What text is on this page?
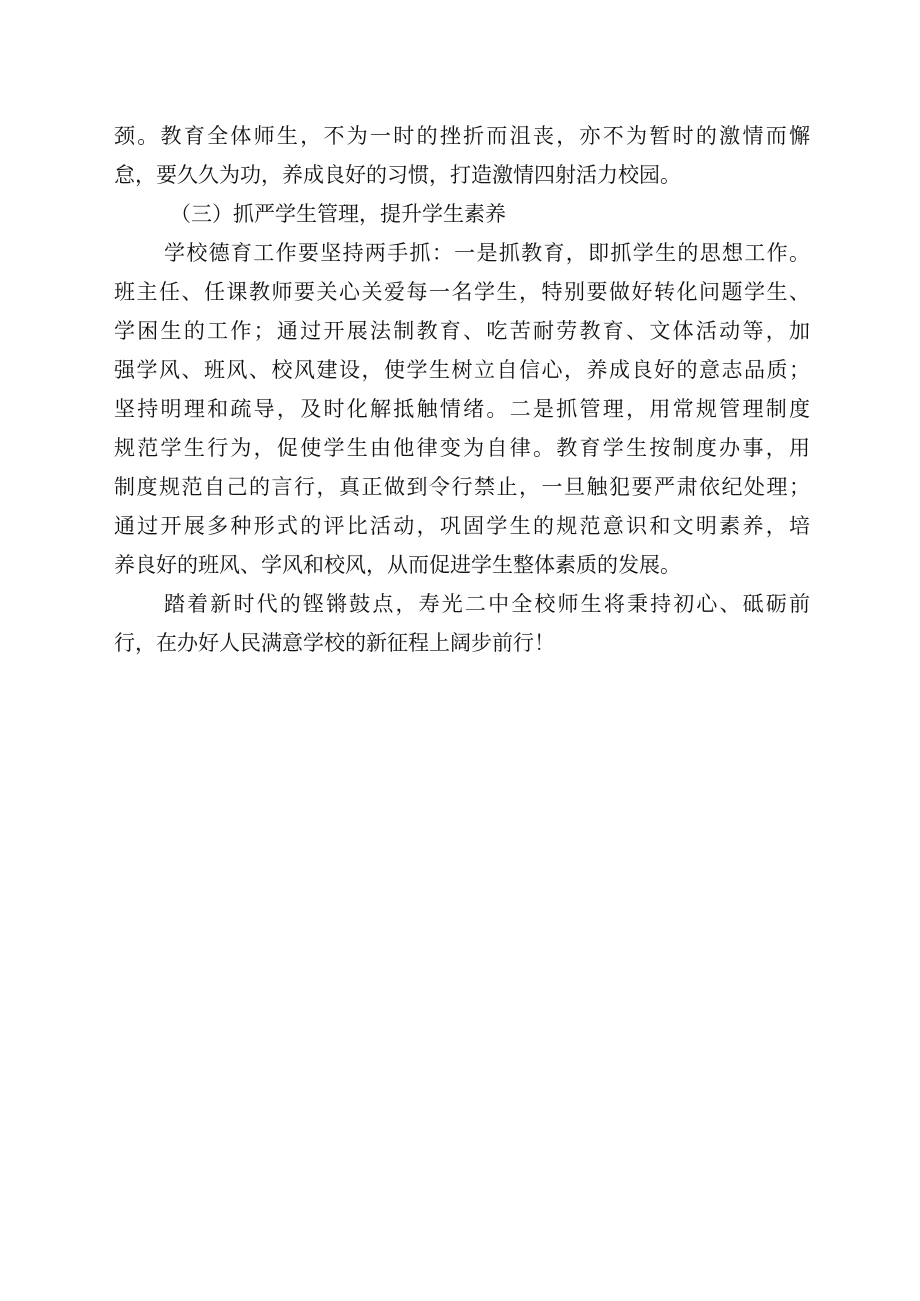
颈。教育全体师生，不为一时的挫折而沮丧，亦不为暂时的激情而懈
怠，要久久为功，养成良好的习惯，打造激情四射活力校园。
（三）抓严学生管理，提升学生素养
学校德育工作要坚持两手抓：一是抓教育，即抓学生的思想工作。
班主任、任课教师要关心关爱每一名学生，特别要做好转化问题学生、
学困生的工作；通过开展法制教育、吃苦耐劳教育、文体活动等，加
强学风、班风、校风建设，使学生树立自信心，养成良好的意志品质；
坚持明理和疏导，及时化解抵触情绪。二是抓管理，用常规管理制度
规范学生行为，促使学生由他律变为自律。教育学生按制度办事，用
制度规范自己的言行，真正做到令行禁止，一旦触犯要严肃依纪处理；
通过开展多种形式的评比活动，巩固学生的规范意识和文明素养，培
养良好的班风、学风和校风，从而促进学生整体素质的发展。
踏着新时代的铿锵鼓点，寿光二中全校师生将秉持初心、砥砺前
行，在办好人民满意学校的新征程上阔步前行！
